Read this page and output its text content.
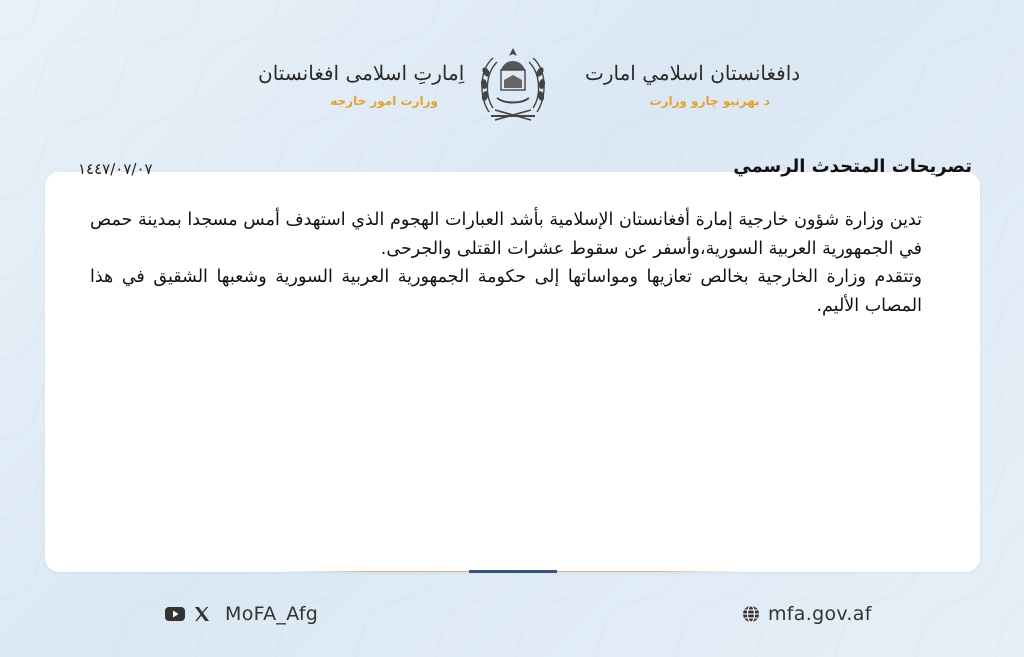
اِمارتِ اسلامی افغانستان
وزارت امور خارجه
دافغانستان اسلامي امارت
د بهرنيو چارو وزارت
تصريحات المتحدث الرسمي
١٤٤٧/٠٧/٠٧

تدين وزارة شؤون خارجية إمارة أفغانستان الإسلامية بأشد العبارات الهجوم الذي استهدف أمس مسجدا بمدينة حمص في الجمهورية العربية السورية،وأسفر عن سقوط عشرات القتلى والجرحى.

وتتقدم وزارة الخارجية بخالص تعازيها ومواساتها إلى حكومة الجمهورية العربية السورية وشعبها الشقيق في هذا المصاب الأليم.

MoFA_Afg	mfa.gov.af
